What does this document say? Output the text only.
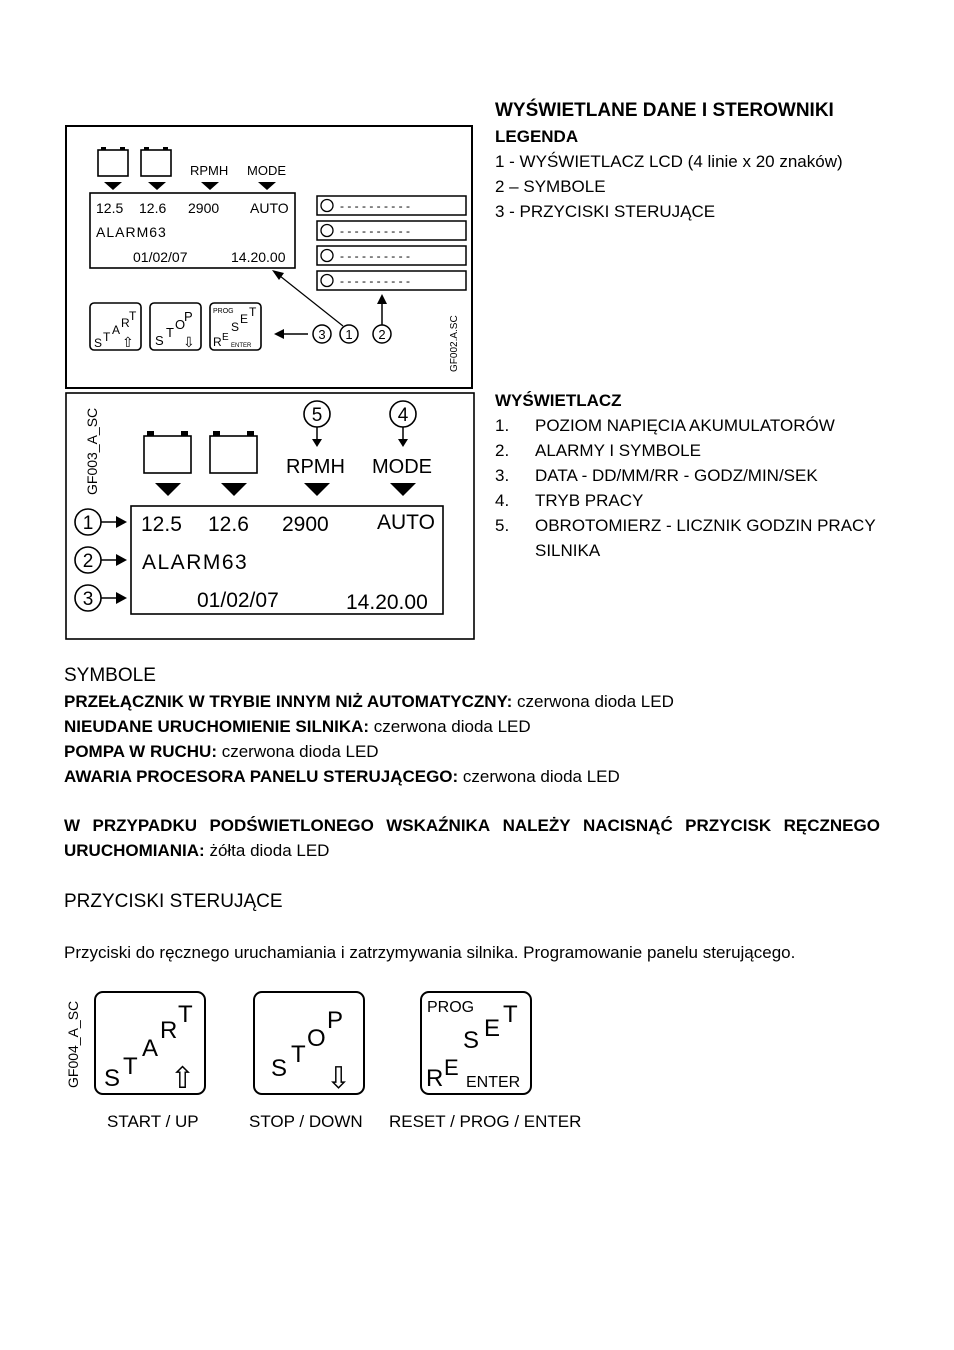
WYŚWIETLANE DANE I STEROWNIKI
LEGENDA
1 - WYŚWIETLACZ LCD (4 linie x 20 znaków)
2 – SYMBOLE
3 - PRZYCISKI STERUJĄCE
WYŚWIETLACZ
1. POZIOM NAPIĘCIA AKUMULATORÓW
2. ALARMY I SYMBOLE
3. DATA - DD/MM/RR - GODZ/MIN/SEK
4. TRYB PRACY
5. OBROTOMIERZ - LICZNIK GODZIN PRACY
SILNIKA
RPMH MODE
12.5 12.6 2900 AUTO
ALARM63
01/02/07	14.20.00
- - - - - - - - - -
- - - - - - - - - -
- - - - - - - - - -
- - - - - - - - - -
S T A R T
⇧ S
T
O
P
⇩
PROG
R E
S
E T
ENTER
3 1 2	GF002.A.SC
GF003_A_SC	5	4
RPMH MODE
12.5 12.6 2900 AUTO
ALARM63
01/02/07	14.20.00
1
2
3
SYMBOLE
PRZEŁĄCZNIK W TRYBIE INNYM NIŻ AUTOMATYCZNY: czerwona dioda LED
NIEUDANE URUCHOMIENIE SILNIKA: czerwona dioda LED
POMPA W RUCHU: czerwona dioda LED
AWARIA PROCESORA PANELU STERUJĄCEGO: czerwona dioda LED
W PRZYPADKU PODŚWIETLONEGO WSKAŹNIKA NALEŻY NACISNĄĆ PRZYCISK RĘCZNEGO
URUCHOMIANIA: żółta dioda LED
PRZYCISKI STERUJĄCE
Przyciski do ręcznego uruchamiania i zatrzymywania silnika. Programowanie panelu sterującego.
GF004_A_SC S T
A
R
T
⇧	S
T
O
P
⇩
PROG
R E
S E
T
ENTER
START / UP	STOP / DOWN RESET / PROG / ENTER
